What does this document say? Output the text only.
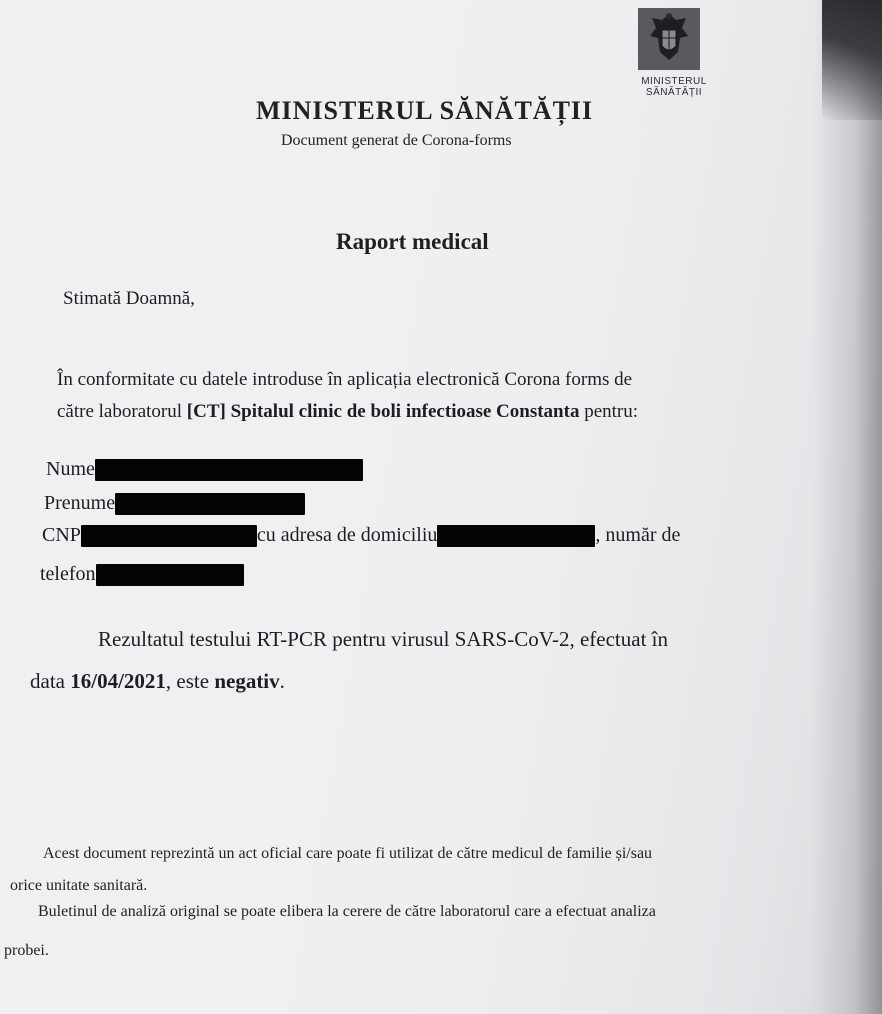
MINISTERUL
SĂNĂTĂȚII
MINISTERUL SĂNĂTĂȚII
Document generat de Corona-forms
Raport medical
Stimată Doamnă,
În conformitate cu datele introduse în aplicația electronică Corona forms de
către laboratorul [CT] Spitalul clinic de boli infectioase Constanta pentru:
Nume
Prenume
CNP	cu adresa de domiciliu	, număr de
telefon
Rezultatul testului RT-PCR pentru virusul SARS-CoV-2, efectuat în
data 16/04/2021, este negativ.
Acest document reprezintă un act oficial care poate fi utilizat de către medicul de familie și/sau
orice unitate sanitară.
Buletinul de analiză original se poate elibera la cerere de către laboratorul care a efectuat analiza
probei.
